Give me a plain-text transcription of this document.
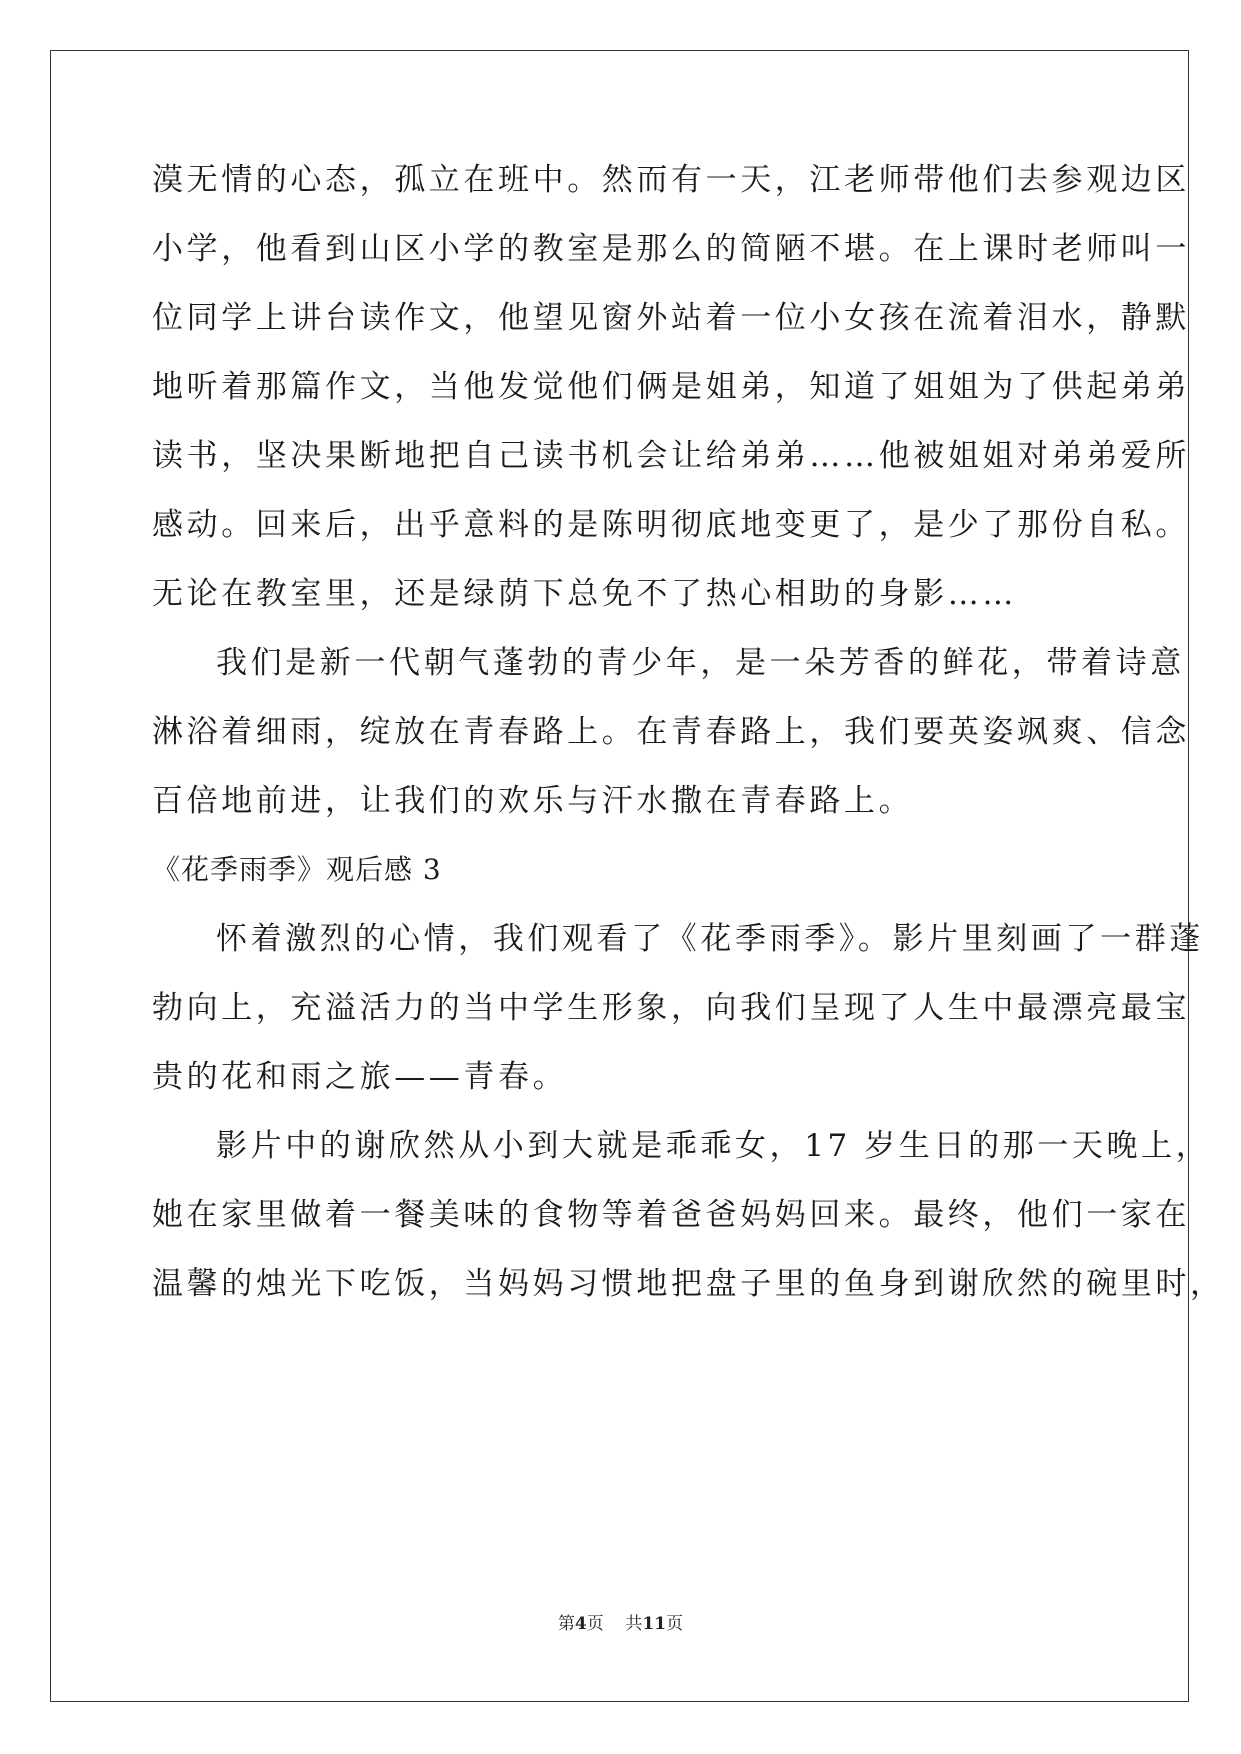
漠无情的心态，孤立在班中。然而有一天，江老师带他们去参观边区
小学，他看到山区小学的教室是那么的简陋不堪。在上课时老师叫一
位同学上讲台读作文，他望见窗外站着一位小女孩在流着泪水，静默
地听着那篇作文，当他发觉他们俩是姐弟，知道了姐姐为了供起弟弟
读书，坚决果断地把自己读书机会让给弟弟……他被姐姐对弟弟爱所
感动。回来后，出乎意料的是陈明彻底地变更了，是少了那份自私。
无论在教室里，还是绿荫下总免不了热心相助的身影……
我们是新一代朝气蓬勃的青少年，是一朵芳香的鲜花，带着诗意
淋浴着细雨，绽放在青春路上。在青春路上，我们要英姿飒爽、信念
百倍地前进，让我们的欢乐与汗水撒在青春路上。
《花季雨季》观后感 3
怀着激烈的心情，我们观看了《花季雨季》。影片里刻画了一群蓬
勃向上，充溢活力的当中学生形象，向我们呈现了人生中最漂亮最宝
贵的花和雨之旅——青春。
影片中的谢欣然从小到大就是乖乖女，17 岁生日的那一天晚上，
她在家里做着一餐美味的食物等着爸爸妈妈回来。最终，他们一家在
温馨的烛光下吃饭，当妈妈习惯地把盘子里的鱼身到谢欣然的碗里时，
第4页 共11页
